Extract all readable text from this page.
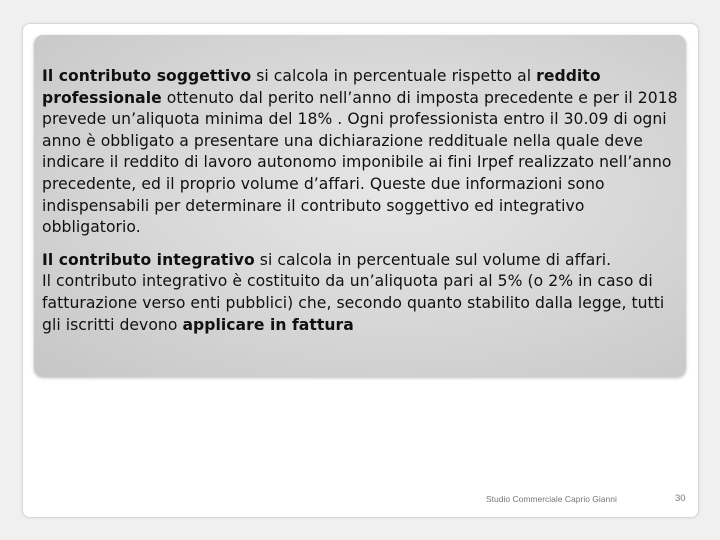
Il contributo soggettivo si calcola in percentuale rispetto al reddito professionale ottenuto dal perito nell’anno di imposta precedente e per il 2018 prevede un’aliquota minima del 18% . Ogni professionista entro il 30.09 di ogni anno è obbligato a presentare una dichiarazione reddituale nella quale deve indicare il reddito di lavoro autonomo imponibile ai fini Irpef realizzato nell’anno precedente, ed il proprio volume d’affari. Queste due informazioni sono indispensabili per determinare il contributo soggettivo ed integrativo obbligatorio.

Il contributo integrativo si calcola in percentuale sul volume di affari.

Il contributo integrativo è costituito da un’aliquota pari al 5% (o 2% in caso di fatturazione verso enti pubblici) che, secondo quanto stabilito dalla legge, tutti gli iscritti devono applicare in fattura

Studio Commerciale Caprio Gianni	30
